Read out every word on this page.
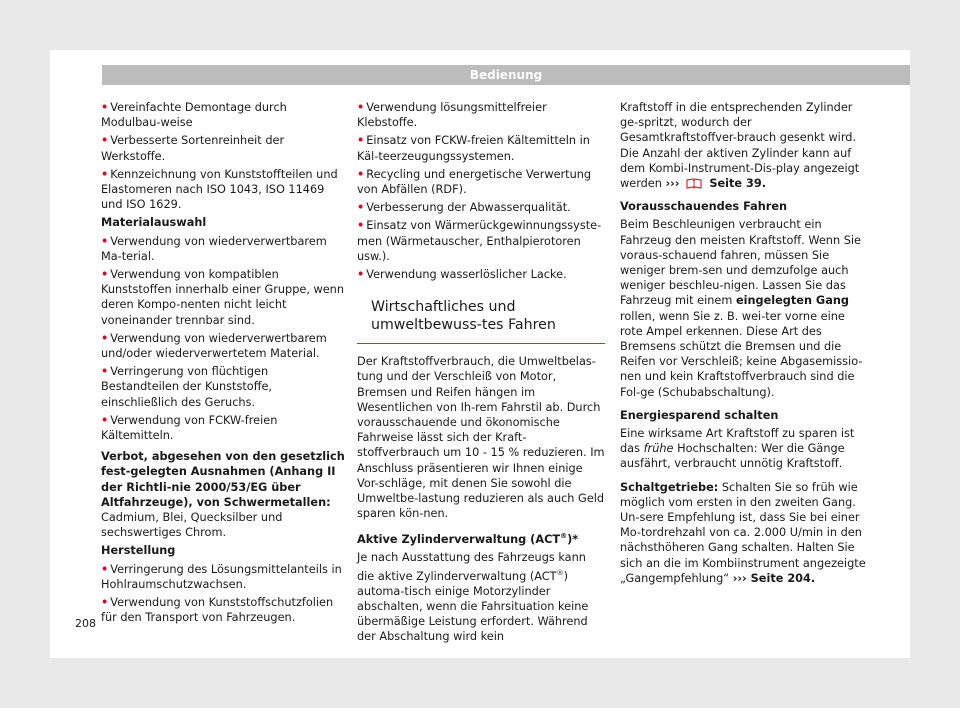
Bedienung

• Vereinfachte Demontage durch Modulbau-weise

• Verbesserte Sortenreinheit der Werkstoffe.

• Kennzeichnung von Kunststoffteilen und Elastomeren nach ISO 1043, ISO 11469 und ISO 1629.

Materialauswahl

• Verwendung von wiederverwertbarem Ma-terial.

• Verwendung von kompatiblen Kunststoffen innerhalb einer Gruppe, wenn deren Kompo-nenten nicht leicht voneinander trennbar sind.

• Verwendung von wiederverwertbarem und/oder wiederverwertetem Material.

• Verringerung von flüchtigen Bestandteilen der Kunststoffe, einschließlich des Geruchs.

• Verwendung von FCKW-freien Kältemitteln.

Verbot, abgesehen von den gesetzlich fest-gelegten Ausnahmen (Anhang II der Richtli-nie 2000/53/EG über Altfahrzeuge), von Schwermetallen: Cadmium, Blei, Quecksilber und sechswertiges Chrom.

Herstellung

• Verringerung des Lösungsmittelanteils in Hohlraumschutzwachsen.

• Verwendung von Kunststoffschutzfolien für den Transport von Fahrzeugen.

• Verwendung lösungsmittelfreier Klebstoffe.

• Einsatz von FCKW-freien Kältemitteln in Käl-teerzeugungssystemen.

• Recycling und energetische Verwertung von Abfällen (RDF).

• Verbesserung der Abwasserqualität.

• Einsatz von Wärmerückgewinnungssyste-men (Wärmetauscher, Enthalpierotoren usw.).

• Verwendung wasserlöslicher Lacke.

Wirtschaftliches und umweltbewuss-tes Fahren

Der Kraftstoffverbrauch, die Umweltbelas-tung und der Verschleiß von Motor, Bremsen und Reifen hängen im Wesentlichen von Ih-rem Fahrstil ab. Durch vorausschauende und ökonomische Fahrweise lässt sich der Kraft-stoffverbrauch um 10 - 15 % reduzieren. Im Anschluss präsentieren wir Ihnen einige Vor-schläge, mit denen Sie sowohl die Umweltbe-lastung reduzieren als auch Geld sparen kön-nen.

Aktive Zylinderverwaltung (ACT®)*

Je nach Ausstattung des Fahrzeugs kann die aktive Zylinderverwaltung (ACT®) automa-tisch einige Motorzylinder abschalten, wenn die Fahrsituation keine übermäßige Leistung erfordert. Während der Abschaltung wird kein

Kraftstoff in die entsprechenden Zylinder ge-spritzt, wodurch der Gesamtkraftstoffver-brauch gesenkt wird. Die Anzahl der aktiven Zylinder kann auf dem Kombi-Instrument-Dis-play angezeigt werden ›››	Seite 39.

Vorausschauendes Fahren

Beim Beschleunigen verbraucht ein Fahrzeug den meisten Kraftstoff. Wenn Sie voraus-schauend fahren, müssen Sie weniger brem-sen und demzufolge auch weniger beschleu-nigen. Lassen Sie das Fahrzeug mit einem eingelegten Gang rollen, wenn Sie z. B. wei-ter vorne eine rote Ampel erkennen. Diese Art des Bremsens schützt die Bremsen und die Reifen vor Verschleiß; keine Abgasemissio-nen und kein Kraftstoffverbrauch sind die Fol-ge (Schubabschaltung).

Energiesparend schalten

Eine wirksame Art Kraftstoff zu sparen ist das frühe Hochschalten: Wer die Gänge ausfährt, verbraucht unnötig Kraftstoff.

Schaltgetriebe: Schalten Sie so früh wie möglich vom ersten in den zweiten Gang. Un-sere Empfehlung ist, dass Sie bei einer Mo-tordrehzahl von ca. 2.000 U/min in den nächsthöheren Gang schalten. Halten Sie sich an die im Kombiinstrument angezeigte „Gangempfehlung“ ››› Seite 204.

208
